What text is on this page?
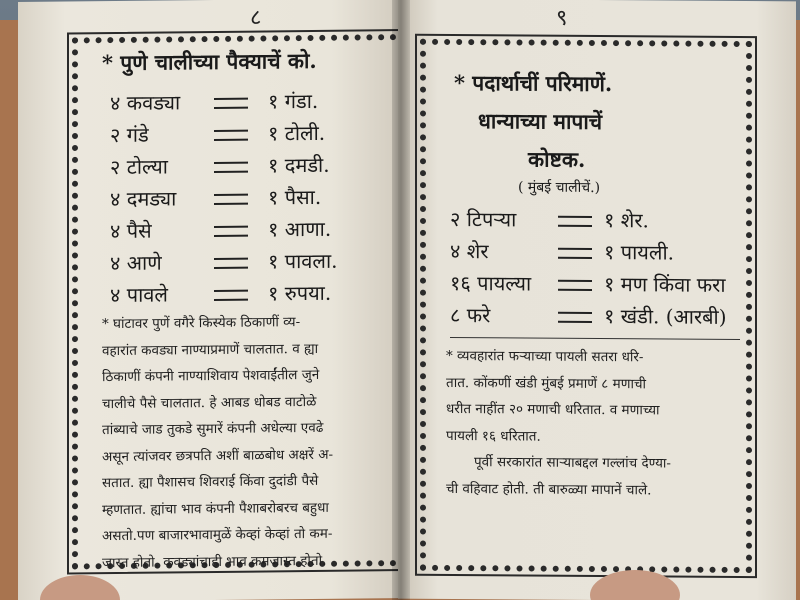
८
* पुणे चालीच्या पैक्याचें को.
४ कवड्या	१ गंडा.
२ गंडे	१ टोली.
२ टोल्या	१ दमडी.
४ दमड्या	१ पैसा.
४ पैसे	१ आणा.
४ आणे	१ पावला.
४ पावले	१ रुपया.
* घांटावर पुणें वगैरे किस्येक ठिकाणीं व्य-
वहारांत कवड्या नाण्याप्रमाणें चालतात. व ह्या
ठिकाणीं कंपनी नाण्याशिवाय पेशवाईंतील जुने
चालीचे पैसे चालतात. हे आबड धोबड वाटोळे
तांब्याचे जाड तुकडे सुमारें कंपनी अधेल्या एवढे
असून त्यांजवर छत्रपति अशीं बाळबोध अक्षरें अ-
सतात. ह्या पैशासच शिवराई किंवा दुदांडी पैसे
म्हणतात. ह्यांचा भाव कंपनी पैशाबरोबरच बहुधा
असतो.पण बाजारभावामुळें केव्हां केव्हां तो कम-
जास्त होतो. कवड्यांचाही भाव कमजास्त होतो.
९
* पदार्थाचीं परिमाणें.
धान्याच्या मापाचें
कोष्टक.
( मुंबई चालीचें.)
२ टिपऱ्या	१ शेर.
४ शेर	१ पायली.
१६ पायल्या	१ मण किंवा फरा
८ फरे	१ खंडी. (आरबी)
* व्यवहारांत फऱ्याच्या पायली सतरा धरि-
तात. कोंकणीं खंडी मुंबई प्रमाणें ८ मणाची
धरीत नाहींत २० मणाची धरितात. व मणाच्या
पायली १६ धरितात.
पूर्वी सरकारांत साऱ्याबद्दल गल्लांच देण्या-
ची वहिवाट होती. ती बारुळ्या मापानें चाले.
